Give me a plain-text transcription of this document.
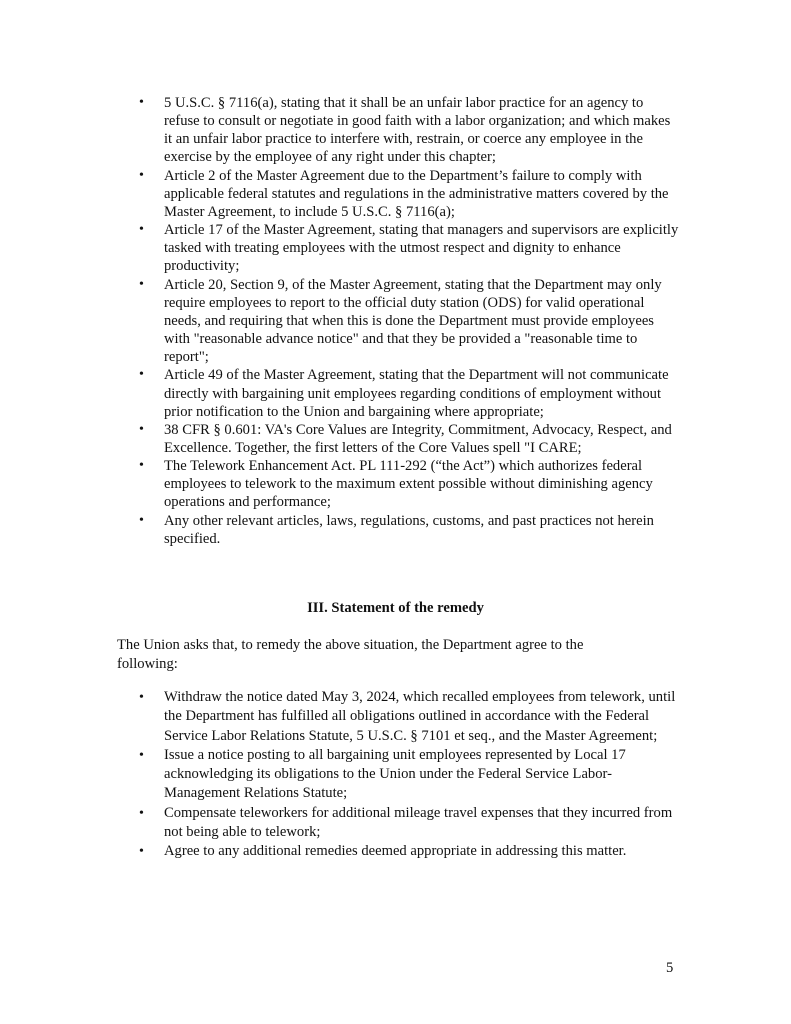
•	5 U.S.C. § 7116(a), stating that it shall be an unfair labor practice for an agency to refuse to consult or negotiate in good faith with a labor organization; and which makes it an unfair labor practice to interfere with, restrain, or coerce any employee in the exercise by the employee of any right under this chapter;
•	Article 2 of the Master Agreement due to the Department’s failure to comply with applicable federal statutes and regulations in the administrative matters covered by the Master Agreement, to include 5 U.S.C. § 7116(a);
•	Article 17 of the Master Agreement, stating that managers and supervisors are explicitly tasked with treating employees with the utmost respect and dignity to enhance productivity;
•	Article 20, Section 9, of the Master Agreement, stating that the Department may only require employees to report to the official duty station (ODS) for valid operational needs, and requiring that when this is done the Department must provide employees with "reasonable advance notice" and that they be provided a "reasonable time to report";
•	Article 49 of the Master Agreement, stating that the Department will not communicate directly with bargaining unit employees regarding conditions of employment without prior notification to the Union and bargaining where appropriate;
•	38 CFR § 0.601: VA's Core Values are Integrity, Commitment, Advocacy, Respect, and Excellence. Together, the first letters of the Core Values spell "I CARE;
•	The Telework Enhancement Act. PL 111-292 (“the Act”) which authorizes federal employees to telework to the maximum extent possible without diminishing agency operations and performance;
•	Any other relevant articles, laws, regulations, customs, and past practices not herein specified.
III. Statement of the remedy
The Union asks that, to remedy the above situation, the Department agree to the following:
•	Withdraw the notice dated May 3, 2024, which recalled employees from telework, until the Department has fulfilled all obligations outlined in accordance with the Federal Service Labor Relations Statute, 5 U.S.C. § 7101 et seq., and the Master Agreement;
•	Issue a notice posting to all bargaining unit employees represented by Local 17 acknowledging its obligations to the Union under the Federal Service Labor-Management Relations Statute;
•	Compensate teleworkers for additional mileage travel expenses that they incurred from not being able to telework;
•	Agree to any additional remedies deemed appropriate in addressing this matter.
5
